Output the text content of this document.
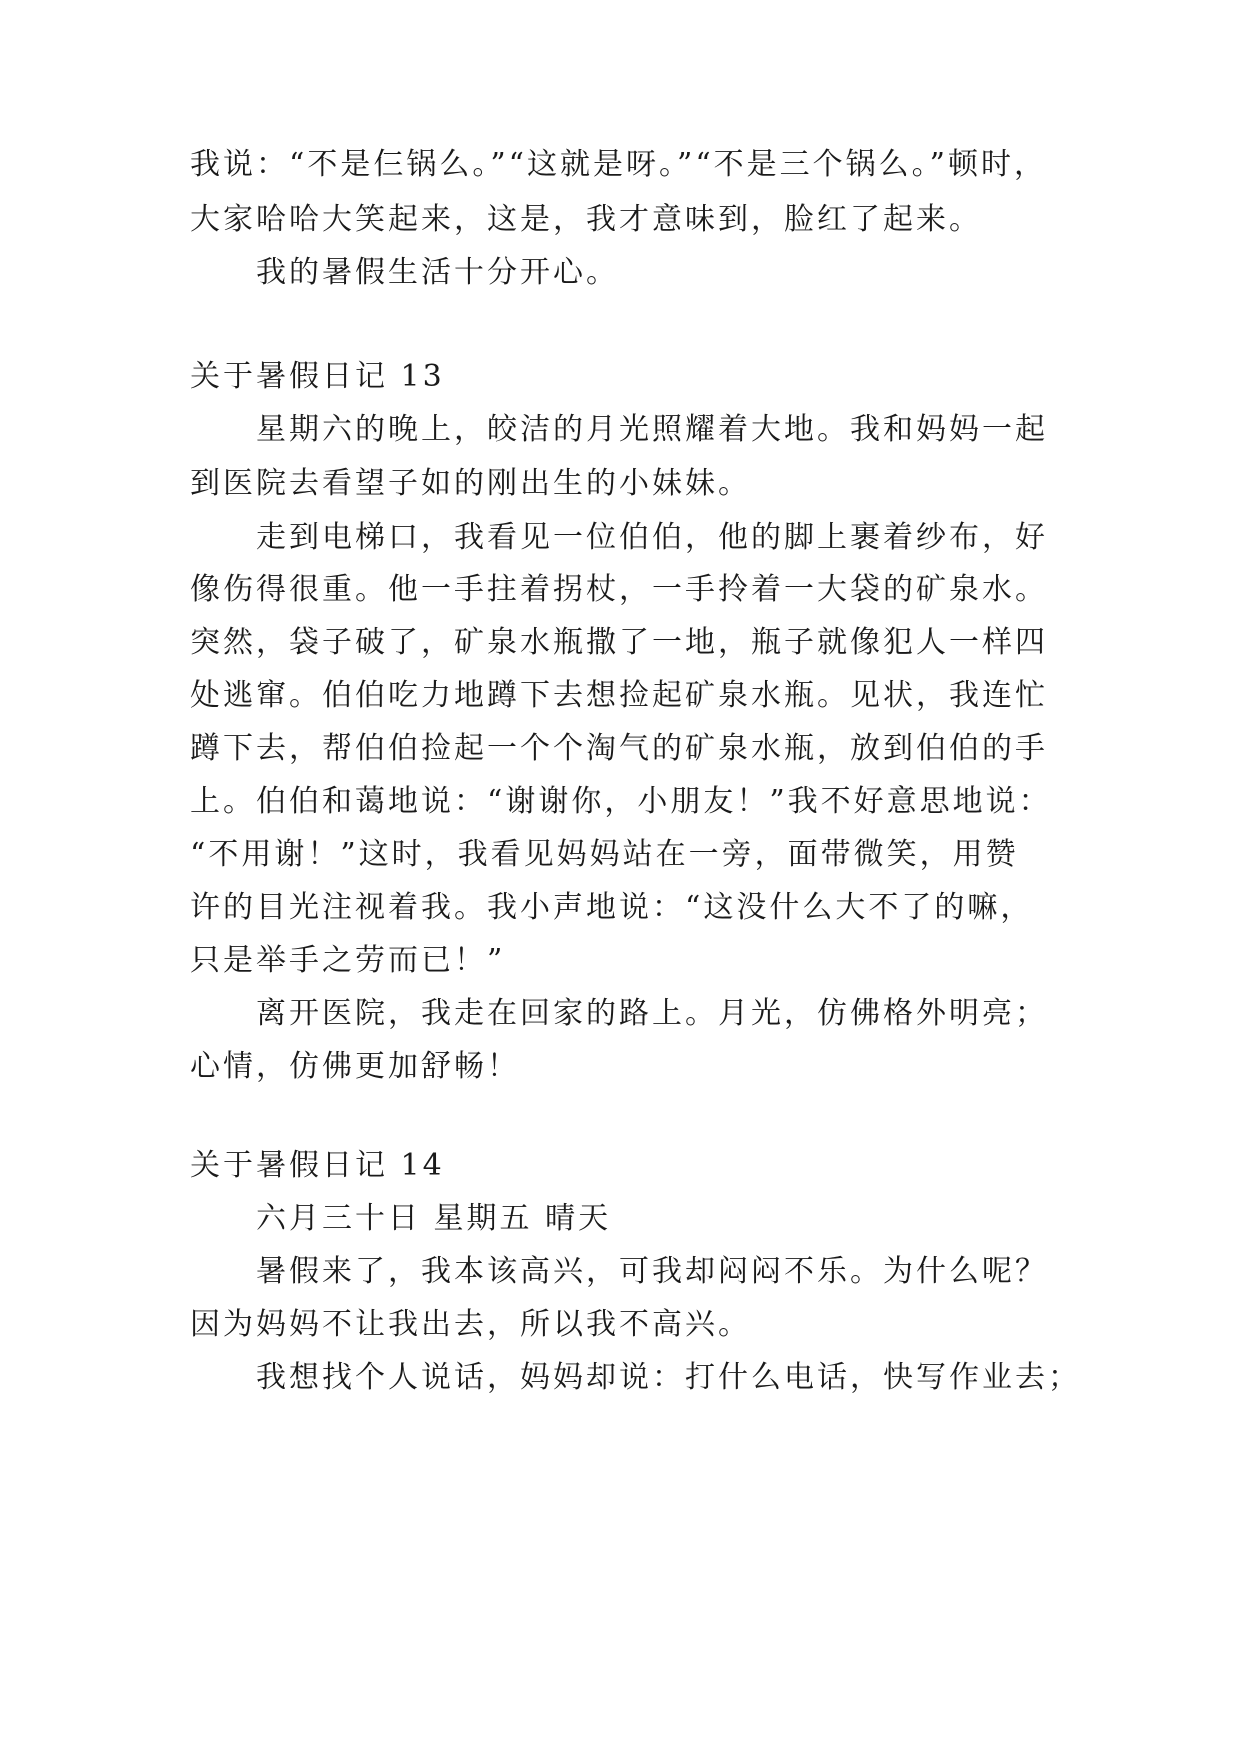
我说：“不是仨锅么。”“这就是呀。”“不是三个锅么。”顿时，
大家哈哈大笑起来，这是，我才意味到，脸红了起来。
我的暑假生活十分开心。
关于暑假日记 13
星期六的晚上，皎洁的月光照耀着大地。我和妈妈一起
到医院去看望子如的刚出生的小妹妹。
走到电梯口，我看见一位伯伯，他的脚上裹着纱布，好
像伤得很重。他一手拄着拐杖，一手拎着一大袋的矿泉水。
突然，袋子破了，矿泉水瓶撒了一地，瓶子就像犯人一样四
处逃窜。伯伯吃力地蹲下去想捡起矿泉水瓶。见状，我连忙
蹲下去，帮伯伯捡起一个个淘气的矿泉水瓶，放到伯伯的手
上。伯伯和蔼地说：“谢谢你，小朋友！”我不好意思地说：
“不用谢！”这时，我看见妈妈站在一旁，面带微笑，用赞
许的目光注视着我。我小声地说：“这没什么大不了的嘛，
只是举手之劳而已！”
离开医院，我走在回家的路上。月光，仿佛格外明亮；
心情，仿佛更加舒畅！
关于暑假日记 14
六月三十日 星期五 晴天
暑假来了，我本该高兴，可我却闷闷不乐。为什么呢？
因为妈妈不让我出去，所以我不高兴。
我想找个人说话，妈妈却说：打什么电话，快写作业去；
